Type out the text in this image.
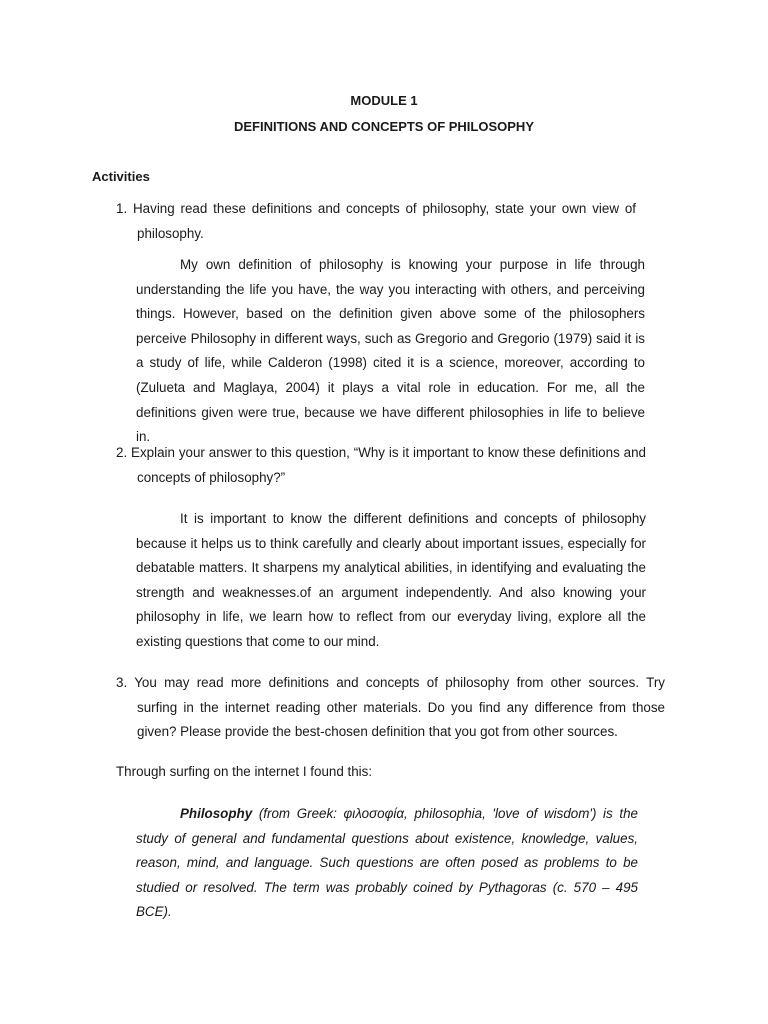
MODULE 1
DEFINITIONS AND CONCEPTS OF PHILOSOPHY
Activities
1. Having read these definitions and concepts of philosophy, state your own view of
philosophy.
My own definition of philosophy is knowing your purpose in life through understanding the life you have, the way you interacting with others, and perceiving things. However, based on the definition given above some of the philosophers perceive Philosophy in different ways, such as Gregorio and Gregorio (1979) said it is a study of life, while Calderon (1998) cited it is a science, moreover, according to (Zulueta and Maglaya, 2004) it plays a vital role in education. For me, all the definitions given were true, because we have different philosophies in life to believe in.
2. Explain your answer to this question, “Why is it important to know these definitions and
concepts of philosophy?”
It is important to know the different definitions and concepts of philosophy because it helps us to think carefully and clearly about important issues, especially for debatable matters. It sharpens my analytical abilities, in identifying and evaluating the strength and weaknesses.of an argument independently. And also knowing your philosophy in life, we learn how to reflect from our everyday living, explore all the existing questions that come to our mind.
3. You may read more definitions and concepts of philosophy from other sources. Try
surfing in the internet reading other materials. Do you find any difference from those given? Please provide the best-chosen definition that you got from other sources.
Through surfing on the internet I found this:
Philosophy (from Greek: φιλοσοφία, philosophia, 'love of wisdom') is the study of general and fundamental questions about existence, knowledge, values, reason, mind, and language. Such questions are often posed as problems to be studied or resolved. The term was probably coined by Pythagoras (c. 570 – 495 BCE).
